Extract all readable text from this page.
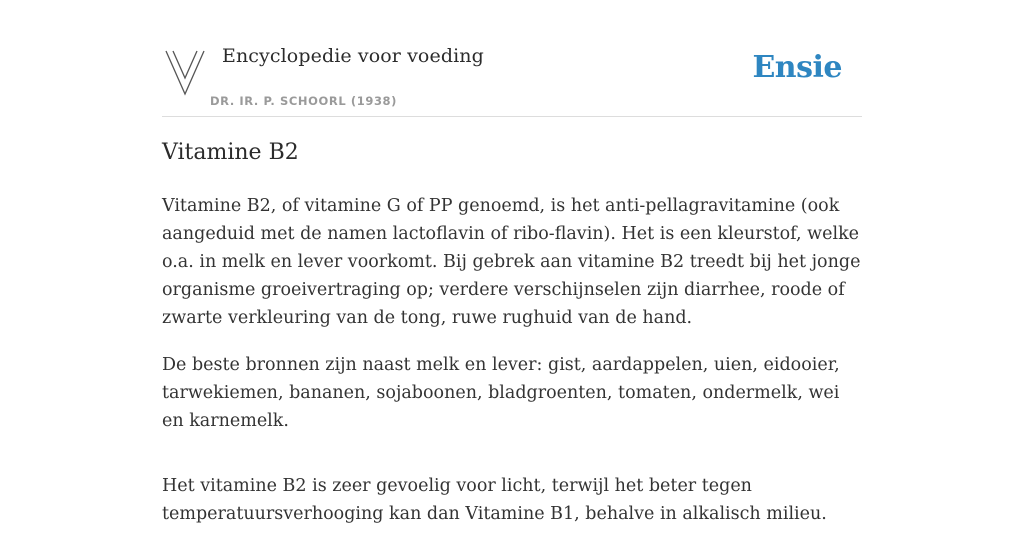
Encyclopedie voor voeding
DR. IR. P. SCHOORL (1938)
Ensie
Vitamine B2

Vitamine B2, of vitamine G of PP genoemd, is het anti-pellagravitamine (ook aangeduid met de namen lactoflavin of ribo-flavin). Het is een kleurstof, welke o.a. in melk en lever voorkomt. Bij gebrek aan vitamine B2 treedt bij het jonge organisme groeivertraging op; verdere verschijnselen zijn diarrhee, roode of zwarte verkleuring van de tong, ruwe rughuid van de hand.

De beste bronnen zijn naast melk en lever: gist, aardappelen, uien, eidooier, tarwekiemen, bananen, sojaboonen, bladgroenten, tomaten, ondermelk, wei en karnemelk.

Het vitamine B2 is zeer gevoelig voor licht, terwijl het beter tegen temperatuursverhooging kan dan Vitamine B1, behalve in alkalisch milieu.
